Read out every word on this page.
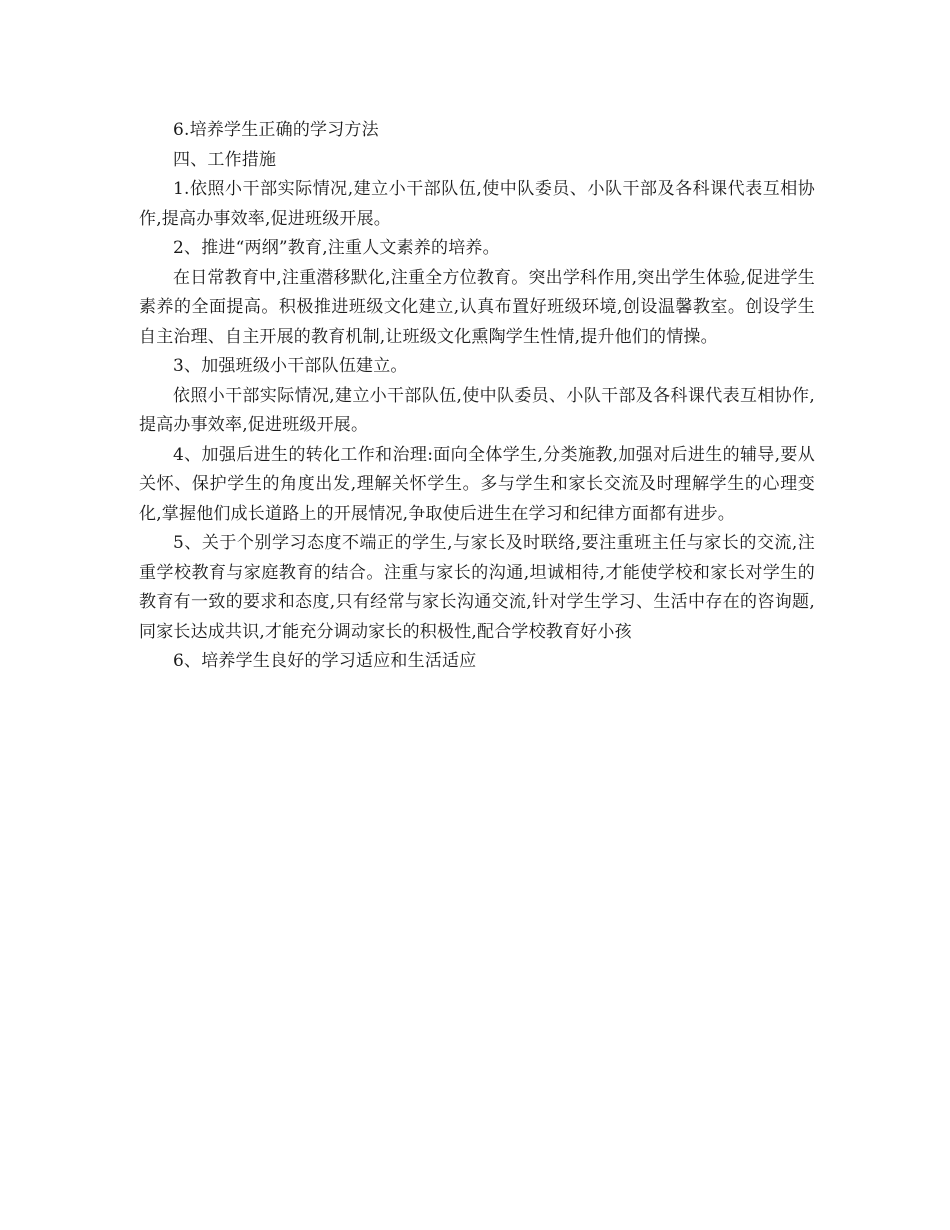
6.培养学生正确的学习方法

四、工作措施

1.依照小干部实际情况,建立小干部队伍,使中队委员、小队干部及各科课代表互相协作,提高办事效率,促进班级开展。

2、推进“两纲”教育,注重人文素养的培养。

在日常教育中,注重潜移默化,注重全方位教育。突出学科作用,突出学生体验,促进学生素养的全面提高。积极推进班级文化建立,认真布置好班级环境,创设温馨教室。创设学生自主治理、自主开展的教育机制,让班级文化熏陶学生性情,提升他们的情操。

3、加强班级小干部队伍建立。

依照小干部实际情况,建立小干部队伍,使中队委员、小队干部及各科课代表互相协作,提高办事效率,促进班级开展。

4、加强后进生的转化工作和治理:面向全体学生,分类施教,加强对后进生的辅导,要从关怀、保护学生的角度出发,理解关怀学生。多与学生和家长交流及时理解学生的心理变化,掌握他们成长道路上的开展情况,争取使后进生在学习和纪律方面都有进步。

5、关于个别学习态度不端正的学生,与家长及时联络,要注重班主任与家长的交流,注重学校教育与家庭教育的结合。注重与家长的沟通,坦诚相待,才能使学校和家长对学生的教育有一致的要求和态度,只有经常与家长沟通交流,针对学生学习、生活中存在的咨询题,同家长达成共识,才能充分调动家长的积极性,配合学校教育好小孩

6、培养学生良好的学习适应和生活适应
